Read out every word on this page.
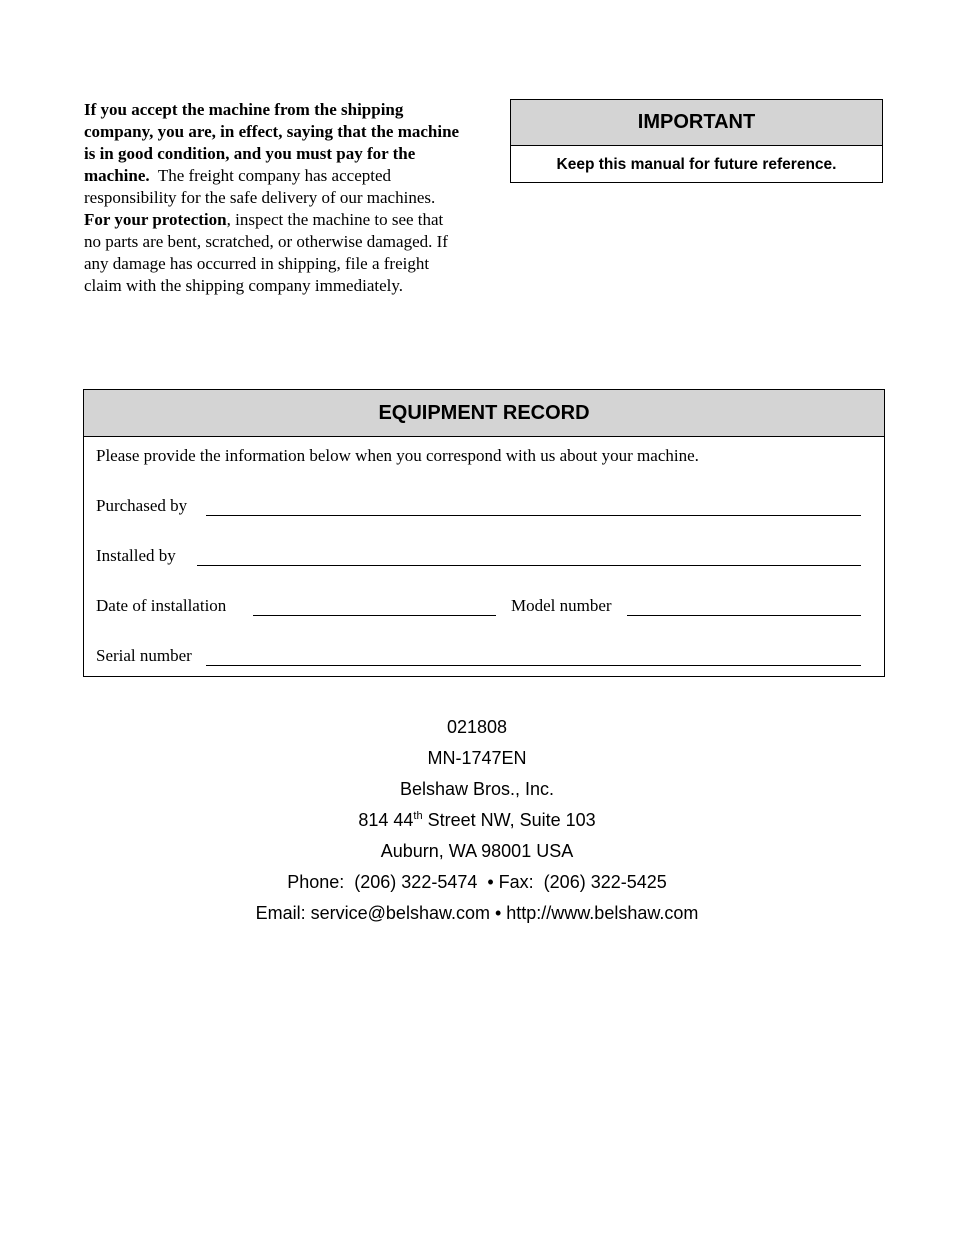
If you accept the machine from the shipping company, you are, in effect, saying that the machine is in good condition, and you must pay for the machine.  The freight company has accepted responsibility for the safe delivery of our machines.  For your protection, inspect the machine to see that no parts are bent, scratched, or otherwise damaged. If any damage has occurred in shipping, file a freight claim with the shipping company immediately.
IMPORTANT
Keep this manual for future reference.
EQUIPMENT RECORD
Please provide the information below when you correspond with us about your machine.
Purchased by
Installed by
Date of installation	Model number
Serial number
021808
MN-1747EN
Belshaw Bros., Inc.
814 44th Street NW, Suite 103
Auburn, WA 98001 USA
Phone:  (206) 322-5474  • Fax:  (206) 322-5425
Email: service@belshaw.com • http://www.belshaw.com
